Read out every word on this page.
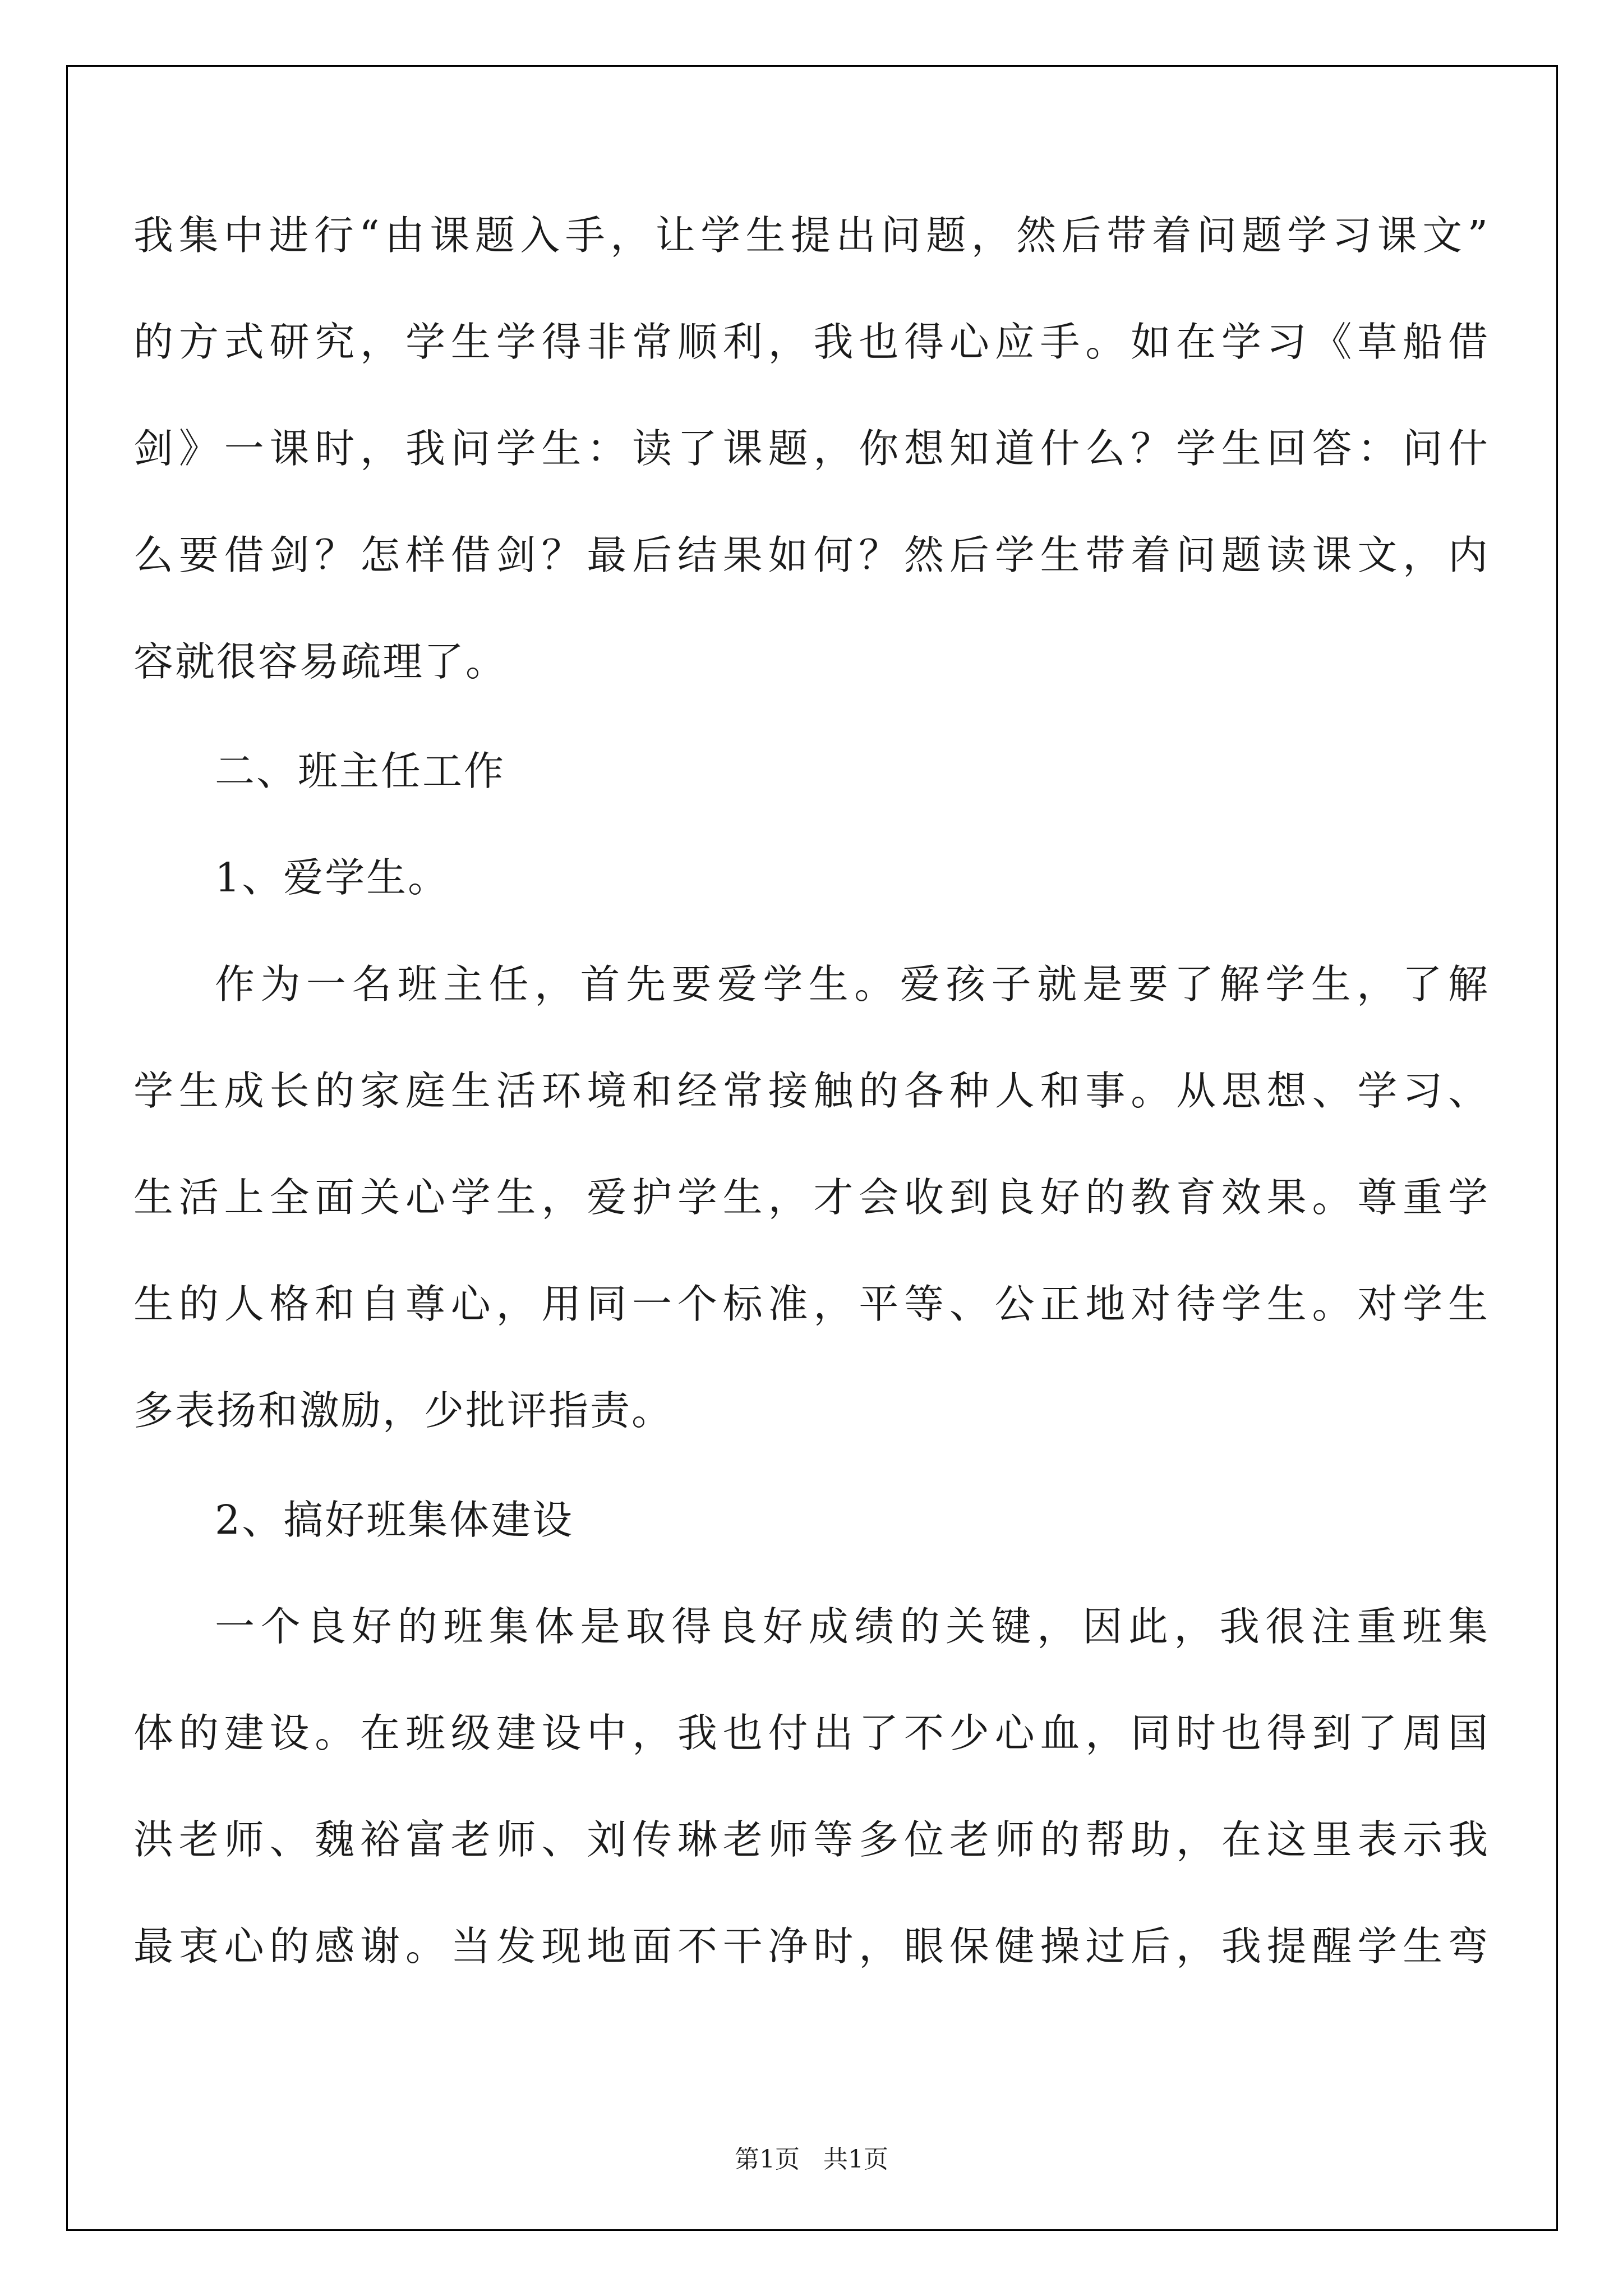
我集中进行“由课题入手，让学生提出问题，然后带着问题学习课文”
的方式研究，学生学得非常顺利，我也得心应手。如在学习《草船借
剑》一课时，我问学生：读了课题，你想知道什么？学生回答：问什
么要借剑？怎样借剑？最后结果如何？然后学生带着问题读课文，内
容就很容易疏理了。
二、班主任工作
1、爱学生。
作为一名班主任，首先要爱学生。爱孩子就是要了解学生，了解
学生成长的家庭生活环境和经常接触的各种人和事。从思想、学习、
生活上全面关心学生，爱护学生，才会收到良好的教育效果。尊重学
生的人格和自尊心，用同一个标准，平等、公正地对待学生。对学生
多表扬和激励，少批评指责。
2、搞好班集体建设
一个良好的班集体是取得良好成绩的关键，因此，我很注重班集
体的建设。在班级建设中，我也付出了不少心血，同时也得到了周国
洪老师、魏裕富老师、刘传琳老师等多位老师的帮助，在这里表示我
最衷心的感谢。当发现地面不干净时，眼保健操过后，我提醒学生弯
第1页   共1页
